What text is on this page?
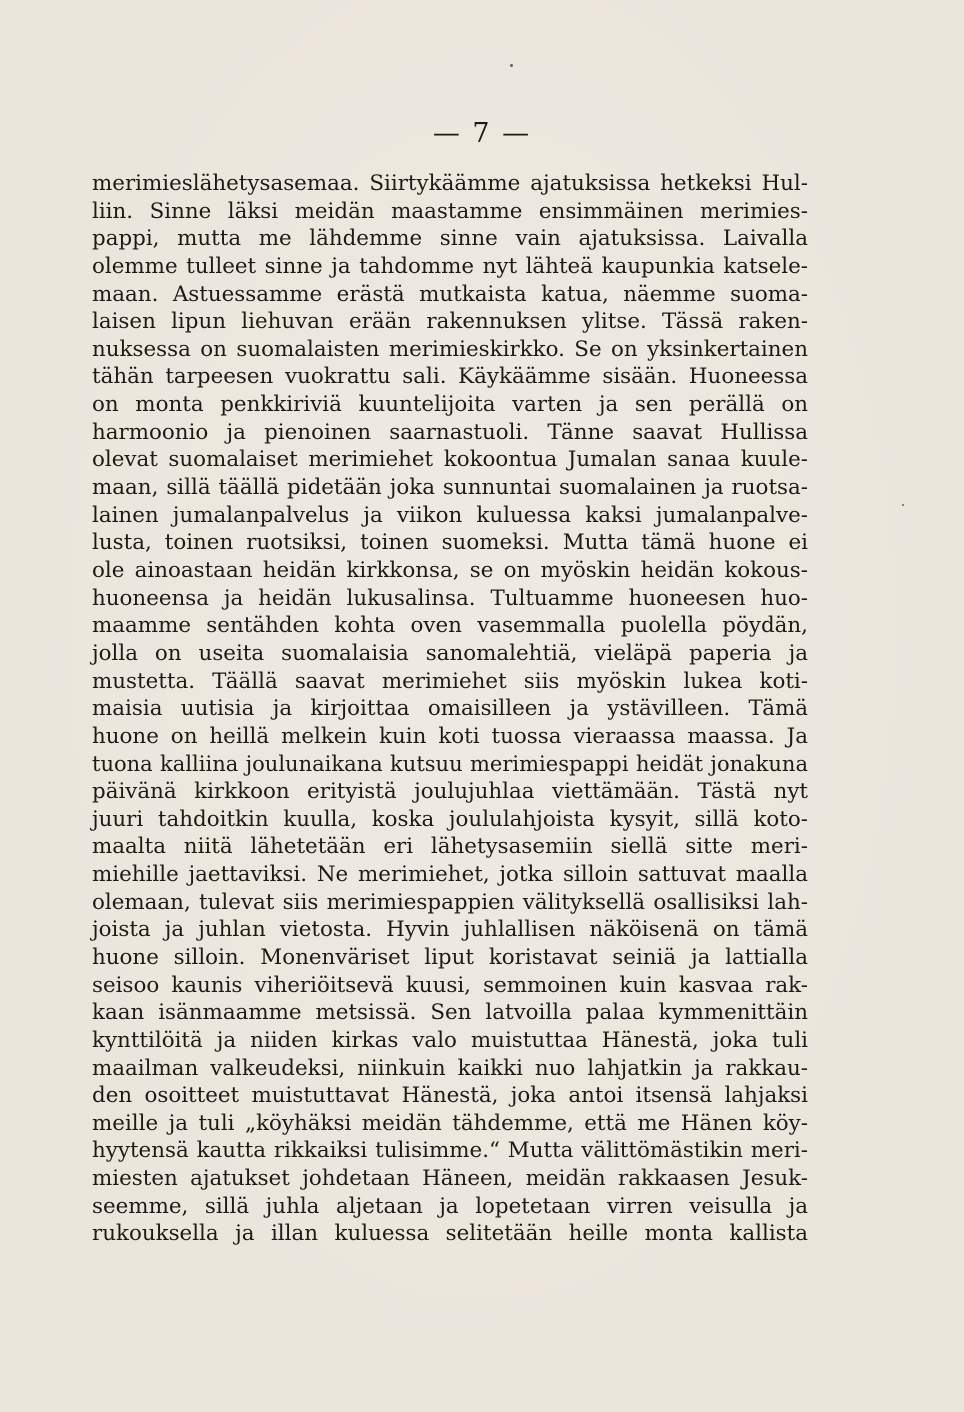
— 7 —
merimieslähetysasemaa. Siirtykäämme ajatuksissa hetkeksi Hul-
liin. Sinne läksi meidän maastamme ensimmäinen merimies-
pappi, mutta me lähdemme sinne vain ajatuksissa. Laivalla
olemme tulleet sinne ja tahdomme nyt lähteä kaupunkia katsele-
maan. Astuessamme erästä mutkaista katua, näemme suoma-
laisen lipun liehuvan erään rakennuksen ylitse. Tässä raken-
nuksessa on suomalaisten merimieskirkko. Se on yksinkertainen
tähän tarpeesen vuokrattu sali. Käykäämme sisään. Huoneessa
on monta penkkiriviä kuuntelijoita varten ja sen perällä on
harmoonio ja pienoinen saarnastuoli. Tänne saavat Hullissa
olevat suomalaiset merimiehet kokoontua Jumalan sanaa kuule-
maan, sillä täällä pidetään joka sunnuntai suomalainen ja ruotsa-
lainen jumalanpalvelus ja viikon kuluessa kaksi jumalanpalve-
lusta, toinen ruotsiksi, toinen suomeksi. Mutta tämä huone ei
ole ainoastaan heidän kirkkonsa, se on myöskin heidän kokous-
huoneensa ja heidän lukusalinsa. Tultuamme huoneesen huo-
maamme sentähden kohta oven vasemmalla puolella pöydän,
jolla on useita suomalaisia sanomalehtiä, vieläpä paperia ja
mustetta. Täällä saavat merimiehet siis myöskin lukea koti-
maisia uutisia ja kirjoittaa omaisilleen ja ystävilleen. Tämä
huone on heillä melkein kuin koti tuossa vieraassa maassa. Ja
tuona kalliina joulunaikana kutsuu merimiespappi heidät jonakuna
päivänä kirkkoon erityistä joulujuhlaa viettämään. Tästä nyt
juuri tahdoitkin kuulla, koska joululahjoista kysyit, sillä koto-
maalta niitä lähetetään eri lähetysasemiin siellä sitte meri-
miehille jaettaviksi. Ne merimiehet, jotka silloin sattuvat maalla
olemaan, tulevat siis merimiespappien välityksellä osallisiksi lah-
joista ja juhlan vietosta. Hyvin juhlallisen näköisenä on tämä
huone silloin. Monenväriset liput koristavat seiniä ja lattialla
seisoo kaunis viheriöitsevä kuusi, semmoinen kuin kasvaa rak-
kaan isänmaamme metsissä. Sen latvoilla palaa kymmenittäin
kynttilöitä ja niiden kirkas valo muistuttaa Hänestä, joka tuli
maailman valkeudeksi, niinkuin kaikki nuo lahjatkin ja rakkau-
den osoitteet muistuttavat Hänestä, joka antoi itsensä lahjaksi
meille ja tuli „köyhäksi meidän tähdemme, että me Hänen köy-
hyytensä kautta rikkaiksi tulisimme.“ Mutta välittömästikin meri-
miesten ajatukset johdetaan Häneen, meidän rakkaasen Jesuk-
seemme, sillä juhla aljetaan ja lopetetaan virren veisulla ja
rukouksella ja illan kuluessa selitetään heille monta kallista
